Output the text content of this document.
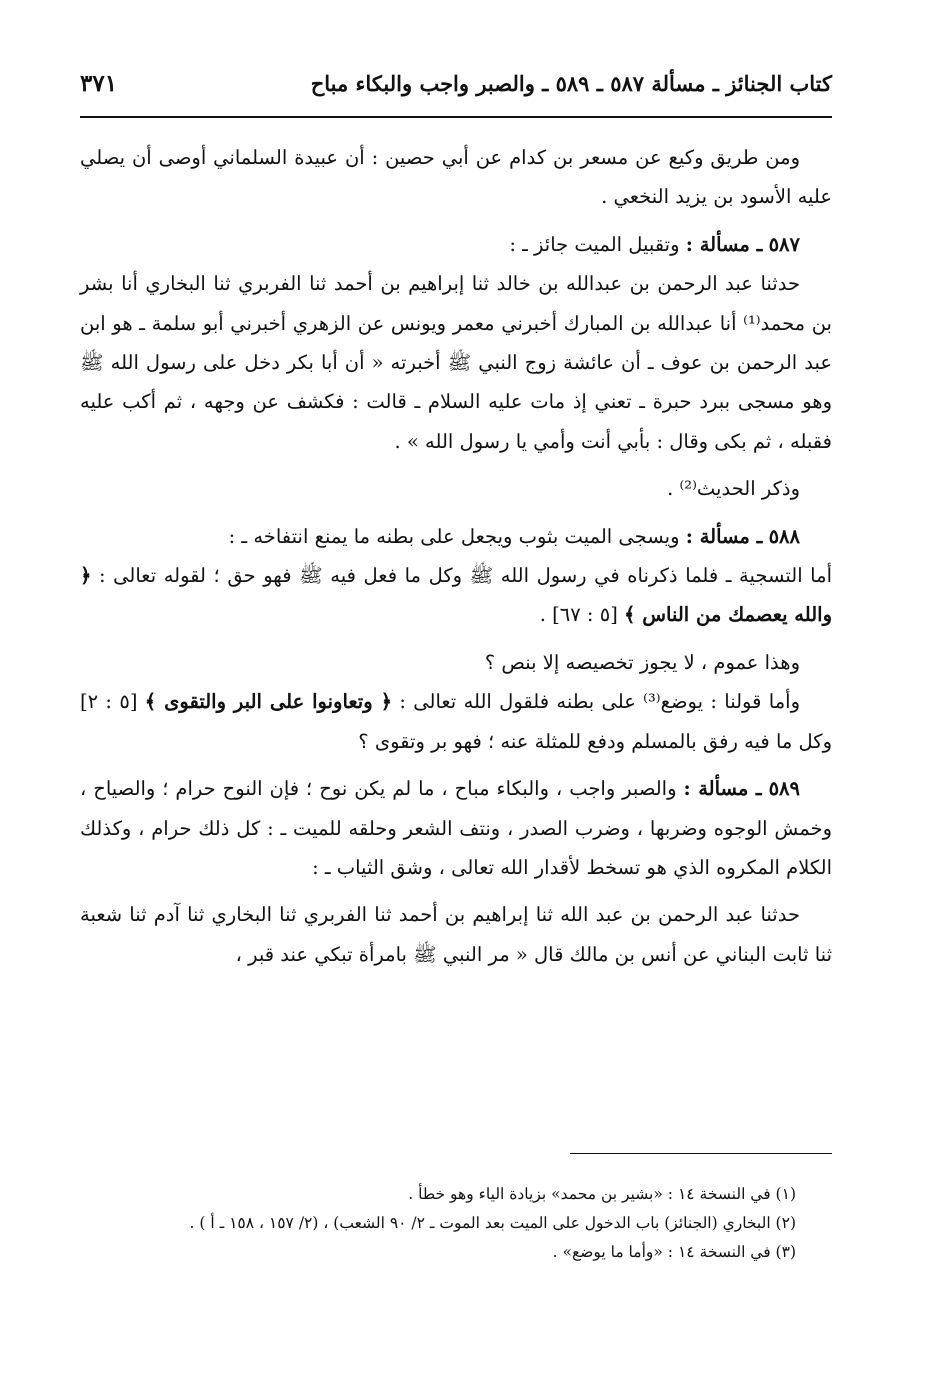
كتاب الجنائز ـ مسألة ٥٨٧ ـ ٥٨٩ ـ والصبر واجب والبكاء مباح
٣٧١

ومن طريق وكيع عن مسعر بن كدام عن أبي حصين : أن عبيدة السلماني أوصى أن يصلي عليه الأسود بن يزيد النخعي .

٥٨٧ ـ مسألة : وتقبيل الميت جائز ـ :

حدثنا عبد الرحمن بن عبدالله بن خالد ثنا إبراهيم بن أحمد ثنا الفربري ثنا البخاري أنا بشر بن محمد⁽¹⁾ أنا عبدالله بن المبارك أخبرني معمر ويونس عن الزهري أخبرني أبو سلمة ـ هو ابن عبد الرحمن بن عوف ـ أن عائشة زوج النبي ﷺ أخبرته « أن أبا بكر دخل على رسول الله ﷺ وهو مسجى ببرد حبرة ـ تعني إذ مات عليه السلام ـ قالت : فكشف عن وجهه ، ثم أكب عليه فقبله ، ثم بكى وقال : بأبي أنت وأمي يا رسول الله » .

وذكر الحديث⁽²⁾ .

٥٨٨ ـ مسألة : ويسجى الميت بثوب ويجعل على بطنه ما يمنع انتفاخه ـ :

أما التسجية ـ فلما ذكرناه في رسول الله ﷺ وكل ما فعل فيه ﷺ فهو حق ؛ لقوله تعالى : ﴿ والله يعصمك من الناس ﴾ [٥ : ٦٧] .

وهذا عموم ، لا يجوز تخصيصه إلا بنص ؟

وأما قولنا : يوضع⁽³⁾ على بطنه فلقول الله تعالى : ﴿ وتعاونوا على البر والتقوى ﴾ [٥ : ٢] وكل ما فيه رفق بالمسلم ودفع للمثلة عنه ؛ فهو بر وتقوى ؟

٥٨٩ ـ مسألة : والصبر واجب ، والبكاء مباح ، ما لم يكن نوح ؛ فإن النوح حرام ؛ والصياح ، وخمش الوجوه وضربها ، وضرب الصدر ، ونتف الشعر وحلقه للميت ـ : كل ذلك حرام ، وكذلك الكلام المكروه الذي هو تسخط لأقدار الله تعالى ، وشق الثياب ـ :

حدثنا عبد الرحمن بن عبد الله ثنا إبراهيم بن أحمد ثنا الفربري ثنا البخاري ثنا آدم ثنا شعبة ثنا ثابت البناني عن أنس بن مالك قال « مر النبي ﷺ بامرأة تبكي عند قبر ،

(١) في النسخة ١٤ : «بشير بن محمد» بزيادة الياء وهو خطأ .

(٢) البخاري (الجنائز) باب الدخول على الميت بعد الموت ـ ٢/ ٩٠ الشعب) ، (٢/ ١٥٧ ، ١٥٨ ـ أ ) .

(٣) في النسخة ١٤ : «وأما ما يوضع» .
